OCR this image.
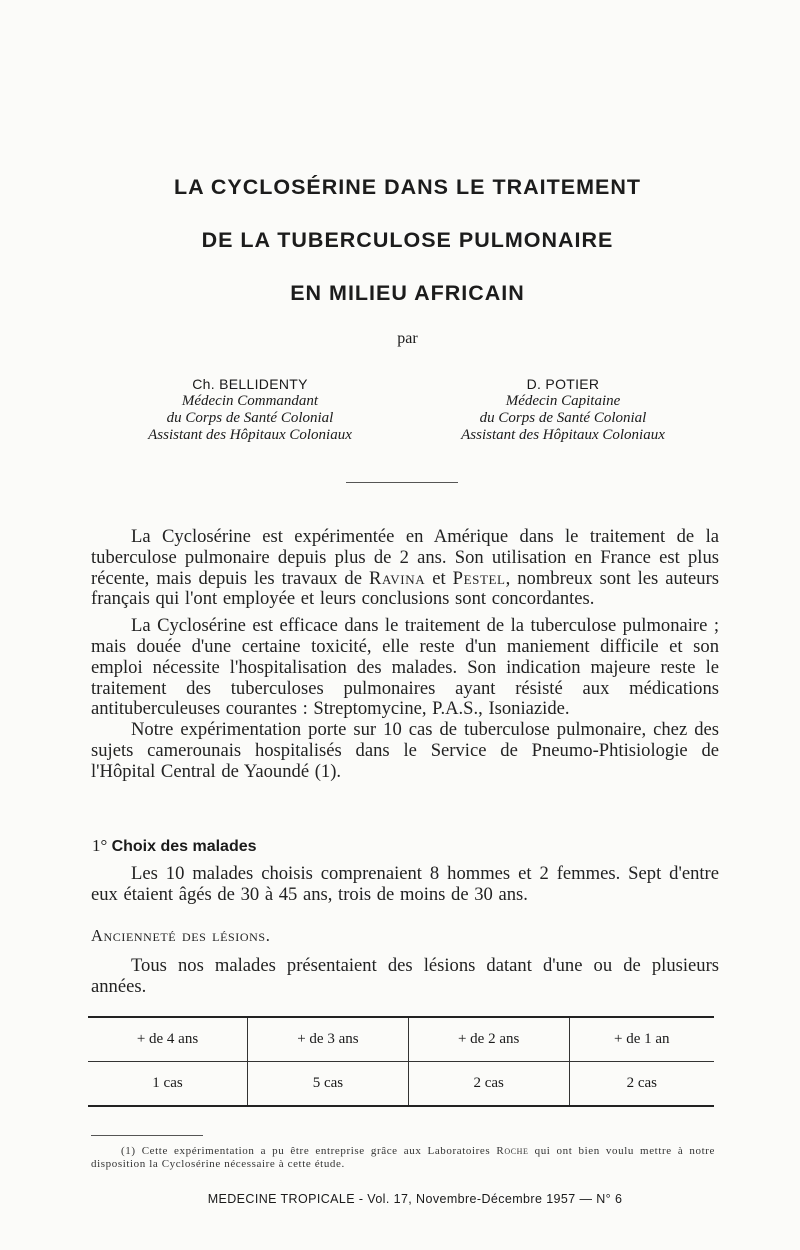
LA CYCLOSÉRINE DANS LE TRAITEMENT
DE LA TUBERCULOSE PULMONAIRE
EN MILIEU AFRICAIN
par
Ch. BELLIDENTY
Médecin Commandant
du Corps de Santé Colonial
Assistant des Hôpitaux Coloniaux
D. POTIER
Médecin Capitaine
du Corps de Santé Colonial
Assistant des Hôpitaux Coloniaux

La Cyclosérine est expérimentée en Amérique dans le traitement de la tuberculose pulmonaire depuis plus de 2 ans. Son utilisation en France est plus récente, mais depuis les travaux de Ravina et Pestel, nombreux sont les auteurs français qui l'ont employée et leurs conclusions sont concordantes.

La Cyclosérine est efficace dans le traitement de la tuberculose pulmonaire ; mais douée d'une certaine toxicité, elle reste d'un maniement difficile et son emploi nécessite l'hospitalisation des malades. Son indication majeure reste le traitement des tuberculoses pulmonaires ayant résisté aux médications antituberculeuses courantes : Streptomycine, P.A.S., Isoniazide.

Notre expérimentation porte sur 10 cas de tuberculose pulmonaire, chez des sujets camerounais hospitalisés dans le Service de Pneumo-Phtisiologie de l'Hôpital Central de Yaoundé (1).

1° Choix des malades

Les 10 malades choisis comprenaient 8 hommes et 2 femmes. Sept d'entre eux étaient âgés de 30 à 45 ans, trois de moins de 30 ans.

Ancienneté des lésions.

Tous nos malades présentaient des lésions datant d'une ou de plusieurs années.

+ de 4 ans	+ de 3 ans	+ de 2 ans	+ de 1 an
1 cas	5 cas	2 cas	2 cas

(1) Cette expérimentation a pu être entreprise grâce aux Laboratoires Roche qui ont bien voulu mettre à notre disposition la Cyclosérine nécessaire à cette étude.

MEDECINE TROPICALE - Vol. 17, Novembre-Décembre 1957 — N° 6
